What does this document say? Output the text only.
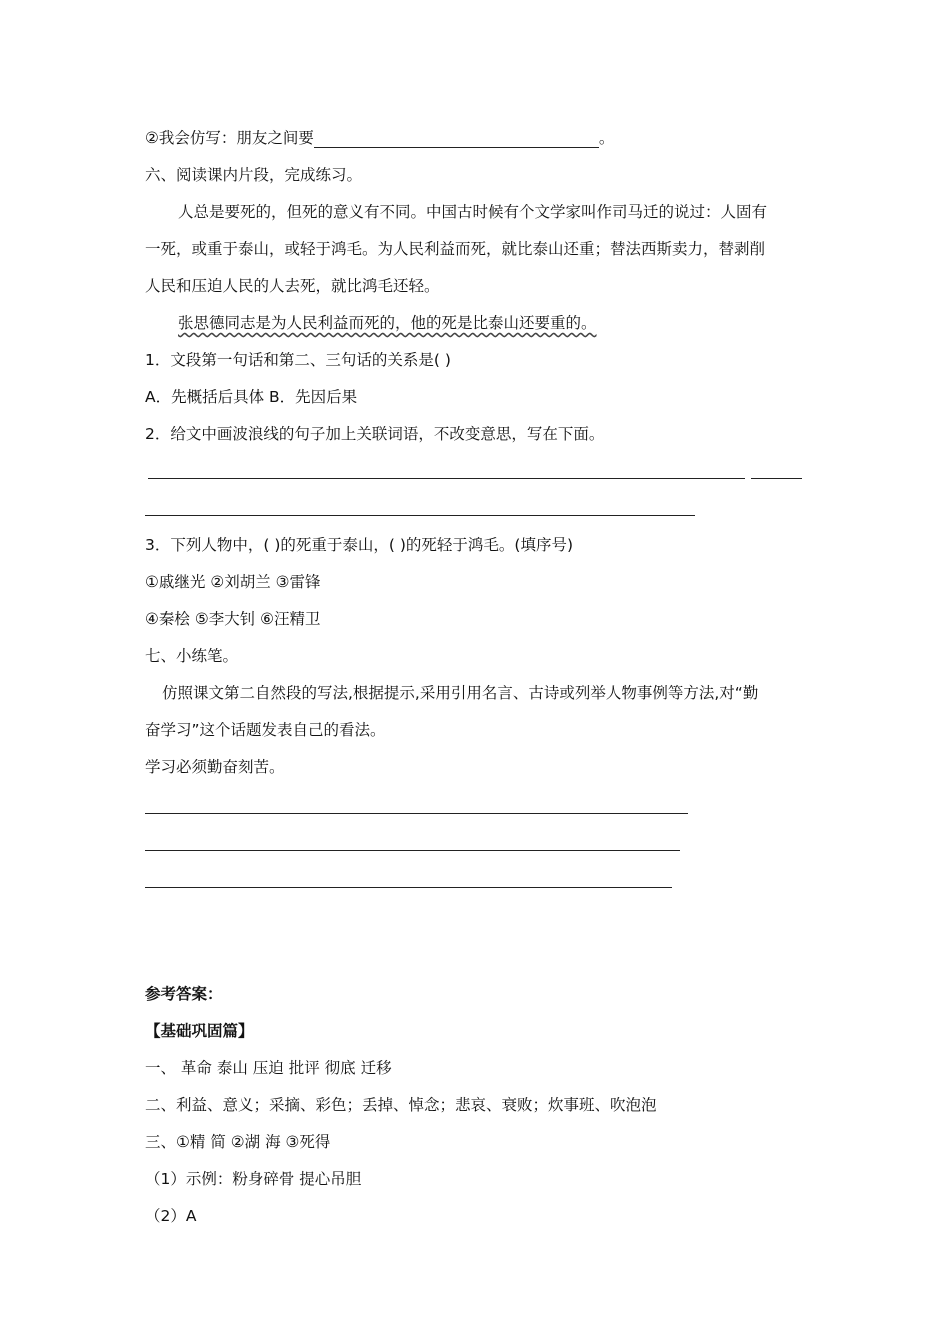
②我会仿写：朋友之间要	。
六、阅读课内片段，完成练习。
人总是要死的，但死的意义有不同。中国古时候有个文学家叫作司马迁的说过：人固有
一死，或重于泰山，或轻于鸿毛。为人民利益而死，就比泰山还重；替法西斯卖力，替剥削
人民和压迫人民的人去死，就比鸿毛还轻。
张思德同志是为人民利益而死的，他的死是比泰山还要重的。
1．文段第一句话和第二、三句话的关系是( )
A．先概括后具体 B．先因后果
2．给文中画波浪线的句子加上关联词语，不改变意思，写在下面。
3．下列人物中，( )的死重于泰山，( )的死轻于鸿毛。(填序号)
①戚继光 ②刘胡兰 ③雷锋
④秦桧 ⑤李大钊 ⑥汪精卫
七、小练笔。
仿照课文第二自然段的写法,根据提示,采用引用名言、古诗或列举人物事例等方法,对“勤
奋学习”这个话题发表自己的看法。
学习必须勤奋刻苦。
参考答案：
【基础巩固篇】
一、 革命 泰山 压迫 批评 彻底 迁移
二、利益、意义；采摘、彩色；丢掉、悼念；悲哀、衰败；炊事班、吹泡泡
三、①精 简 ②湖 海 ③死得
（1）示例：粉身碎骨 提心吊胆
（2）A
